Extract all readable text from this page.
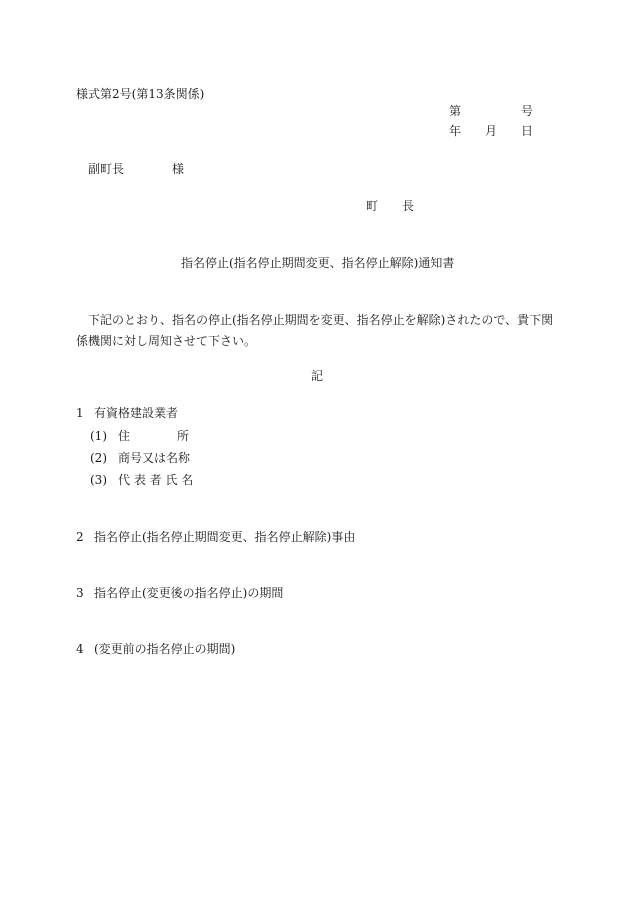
様式第2号(第13条関係)
第	号
年 月 日
副町長	様
町 長
指名停止(指名停止期間変更、指名停止解除)通知書
下記のとおり、指名の停止(指名停止期間を変更、指名停止を解除)されたので、貴下関係機関に対し周知させて下さい。
記
1 有資格建設業者
(1) 住	所
(2) 商号又は名称
(3) 代 表 者 氏 名
2 指名停止(指名停止期間変更、指名停止解除)事由
3 指名停止(変更後の指名停止)の期間
4 (変更前の指名停止の期間)
